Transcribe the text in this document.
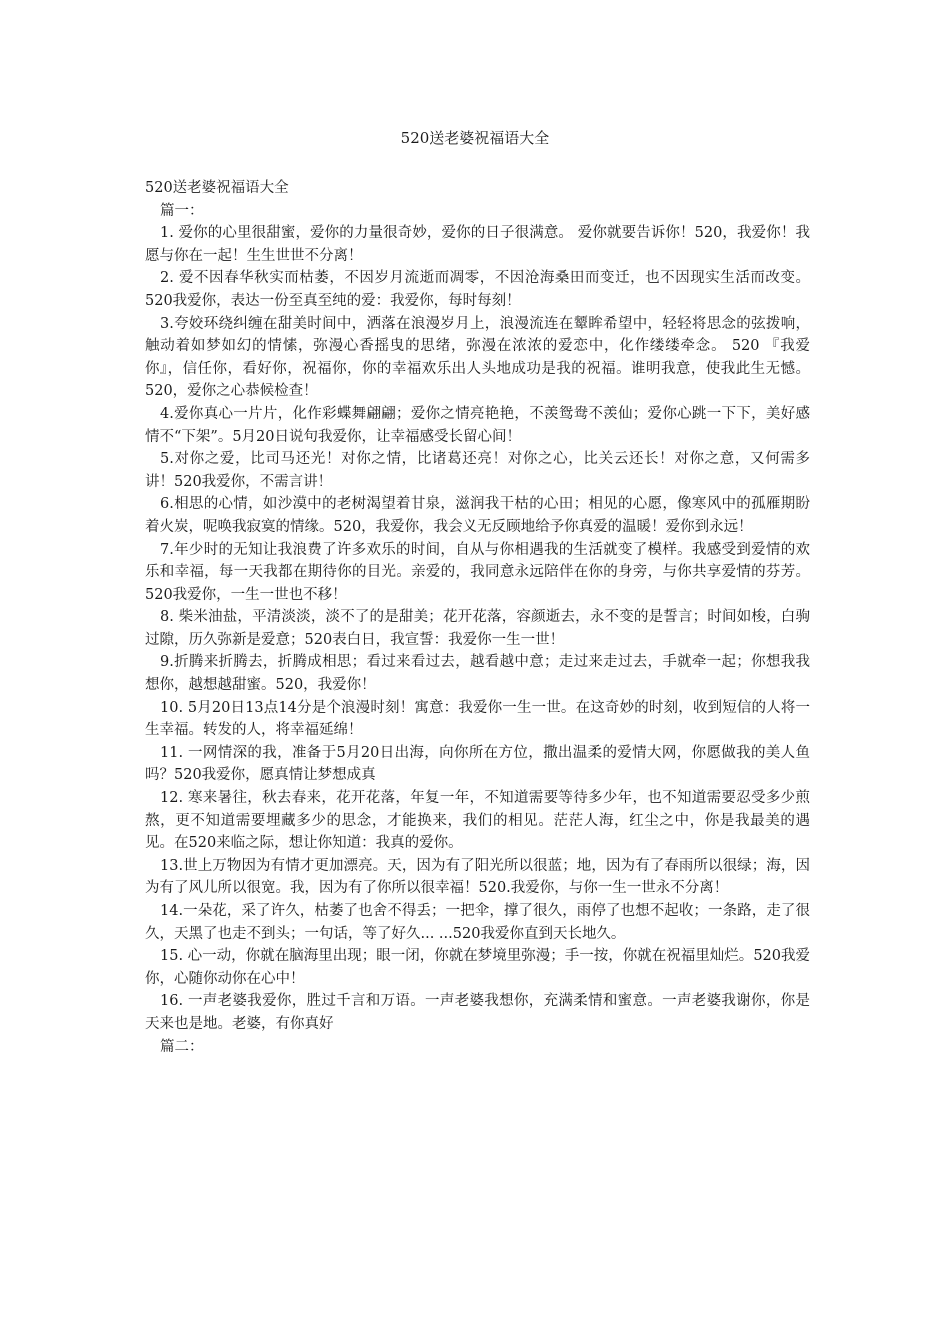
520送老婆祝福语大全

520送老婆祝福语大全

篇一：

1. 爱你的心里很甜蜜，爱你的力量很奇妙，爱你的日子很满意。 爱你就要告诉你！520，我爱你！我愿与你在一起！生生世世不分离！

2. 爱不因春华秋实而枯萎，不因岁月流逝而凋零，不因沧海桑田而变迁，也不因现实生活而改变。520我爱你，表达一份至真至纯的爱：我爱你，每时每刻！

3.夸姣环绕纠缠在甜美时间中，洒落在浪漫岁月上，浪漫流连在颦眸希望中，轻轻将思念的弦拨响，触动着如梦如幻的情愫，弥漫心香摇曳的思绪，弥漫在浓浓的爱恋中，化作缕缕牵念。 520 『我爱你』，信任你，看好你，祝福你，你的幸福欢乐出人头地成功是我的祝福。谁明我意，使我此生无憾。 520，爱你之心恭候检查！

4.爱你真心一片片，化作彩蝶舞翩翩；爱你之情亮艳艳，不羡鸳鸯不羡仙；爱你心跳一下下，美好感情不“下架”。5月20日说句我爱你，让幸福感受长留心间！

5.对你之爱，比司马还光！对你之情，比诸葛还亮！对你之心，比关云还长！对你之意，又何需多讲！520我爱你，不需言讲！

6.相思的心情，如沙漠中的老树渴望着甘泉，滋润我干枯的心田；相见的心愿，像寒风中的孤雁期盼着火炭，呢唤我寂寞的情缘。520，我爱你，我会义无反顾地给予你真爱的温暖！爱你到永远！

7.年少时的无知让我浪费了许多欢乐的时间，自从与你相遇我的生活就变了模样。我感受到爱情的欢乐和幸福，每一天我都在期待你的目光。亲爱的，我同意永远陪伴在你的身旁，与你共享爱情的芬芳。520我爱你，一生一世也不移！

8. 柴米油盐，平清淡淡，淡不了的是甜美；花开花落，容颜逝去，永不变的是誓言；时间如梭，白驹过隙，历久弥新是爱意；520表白日，我宣誓：我爱你一生一世！

9.折腾来折腾去，折腾成相思；看过来看过去，越看越中意；走过来走过去，手就牵一起；你想我我想你，越想越甜蜜。520，我爱你！

10. 5月20日13点14分是个浪漫时刻！寓意：我爱你一生一世。在这奇妙的时刻，收到短信的人将一生幸福。转发的人，将幸福延绵！

11. 一网情深的我，准备于5月20日出海，向你所在方位，撒出温柔的爱情大网，你愿做我的美人鱼吗？520我爱你，愿真情让梦想成真

12. 寒来暑往，秋去春来，花开花落，年复一年，不知道需要等待多少年，也不知道需要忍受多少煎熬，更不知道需要埋藏多少的思念，才能换来，我们的相见。茫茫人海，红尘之中，你是我最美的遇见。在520来临之际，想让你知道：我真的爱你。

13.世上万物因为有情才更加漂亮。天，因为有了阳光所以很蓝；地，因为有了春雨所以很绿；海，因为有了风儿所以很宽。我，因为有了你所以很幸福！520.我爱你，与你一生一世永不分离！

14.一朵花，采了许久，枯萎了也舍不得丢；一把伞，撑了很久，雨停了也想不起收；一条路，走了很久，天黑了也走不到头；一句话，等了好久... ...520我爱你直到天长地久。

15. 心一动，你就在脑海里出现；眼一闭，你就在梦境里弥漫；手一按，你就在祝福里灿烂。520我爱你，心随你动你在心中！

16. 一声老婆我爱你，胜过千言和万语。一声老婆我想你，充满柔情和蜜意。一声老婆我谢你，你是天来也是地。老婆，有你真好

篇二：
